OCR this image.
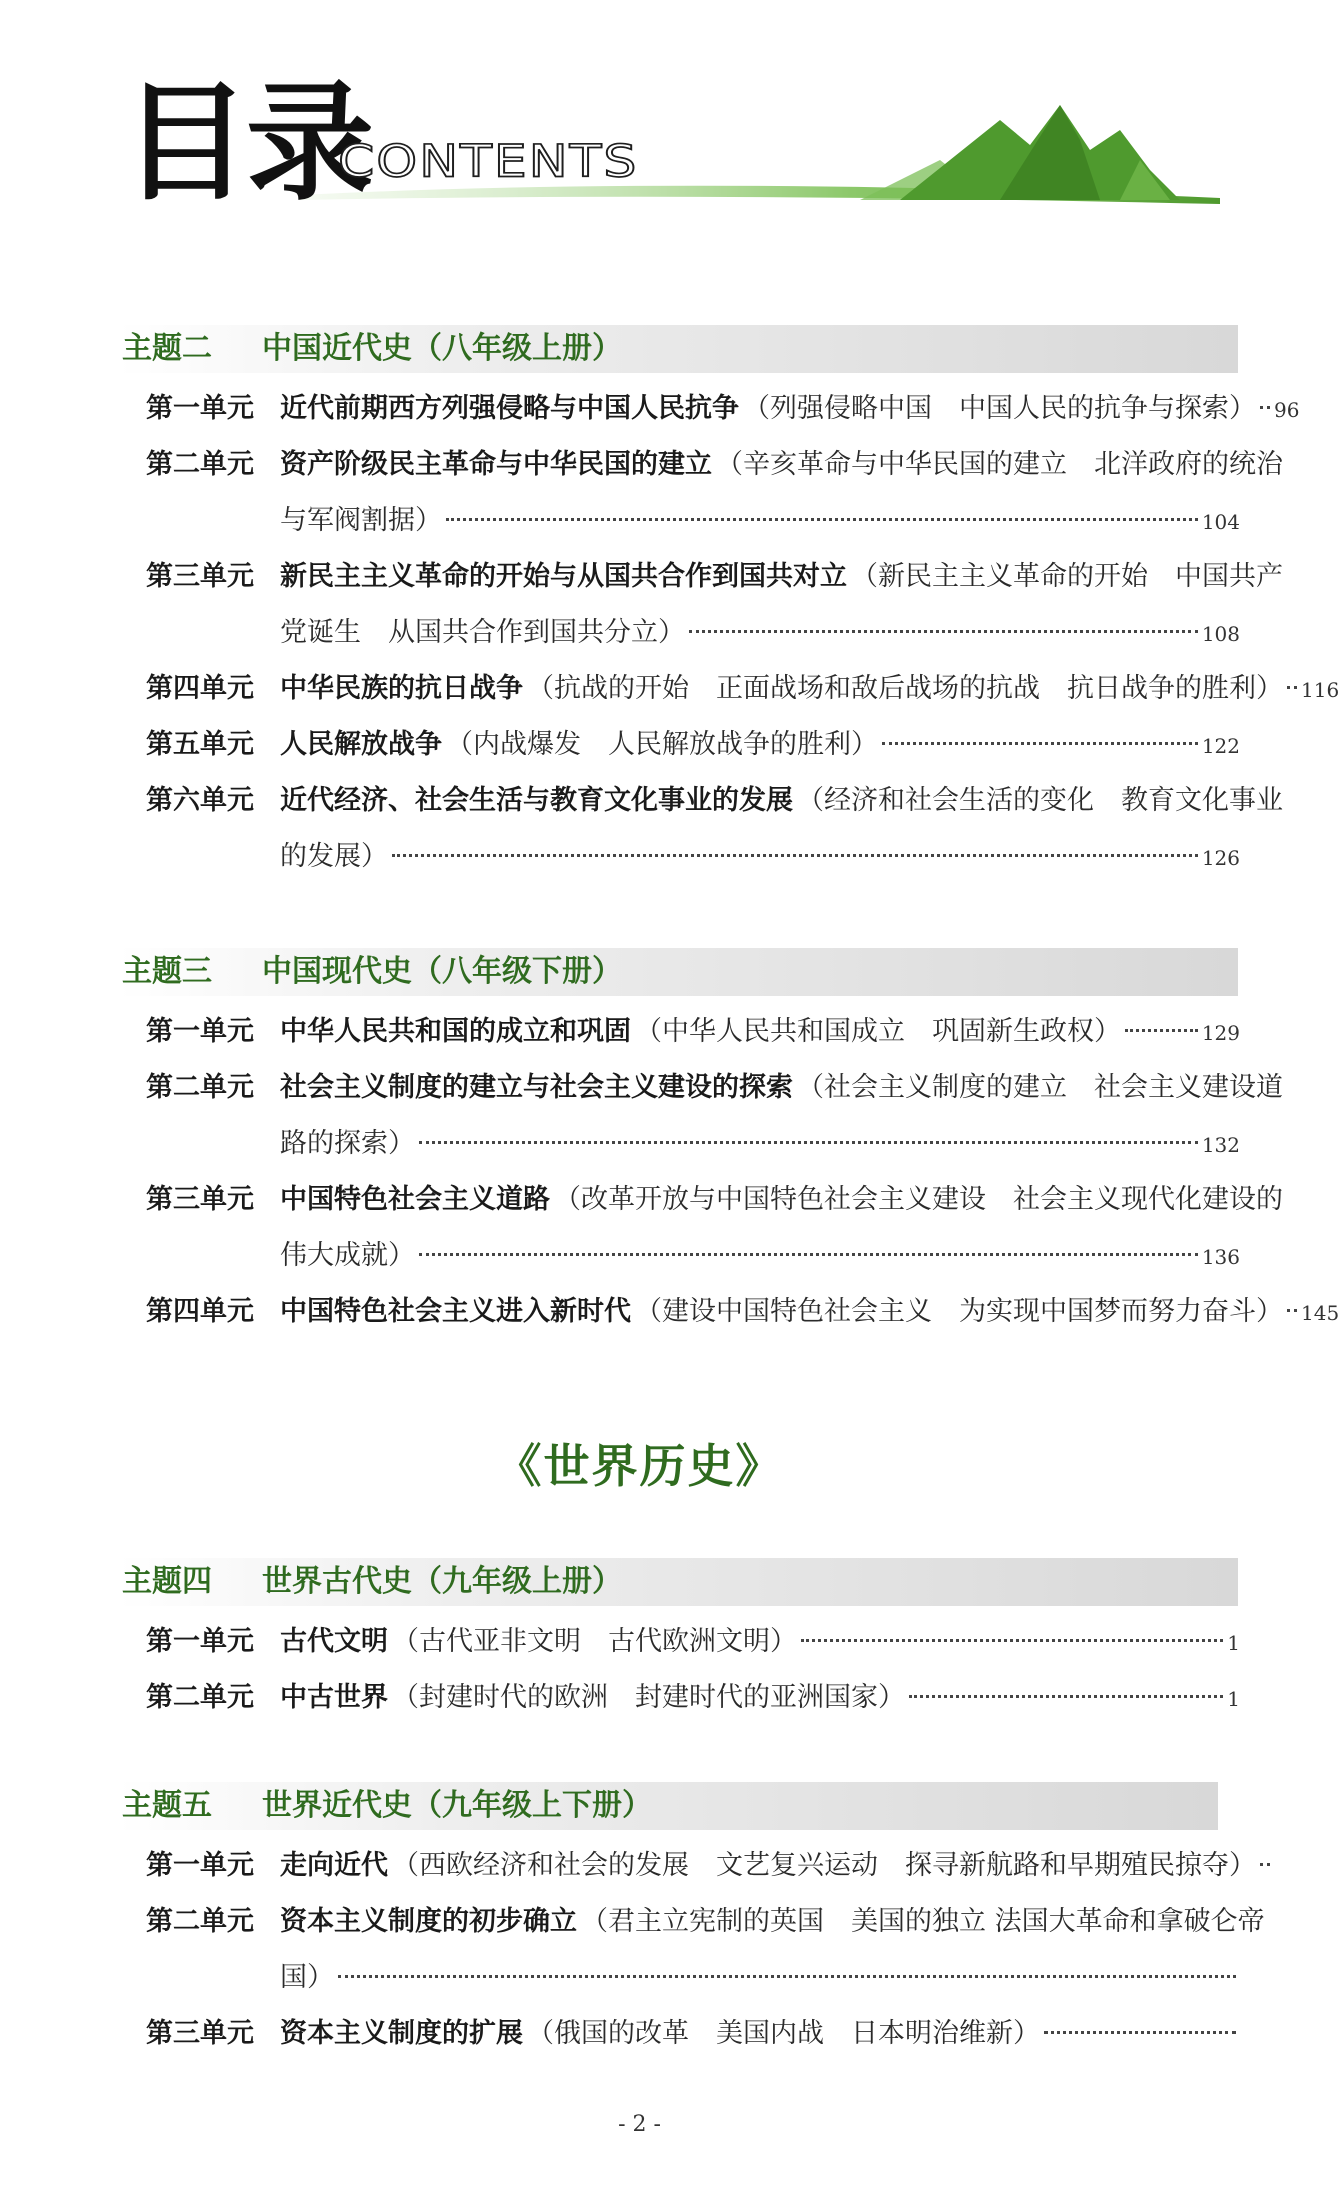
目录
CONTENTS
主题二 中国近代史（八年级上册）
第一单元 近代前期西方列强侵略与中国人民抗争 （列强侵略中国　中国人民的抗争与探索） 96
第二单元 资产阶级民主革命与中华民国的建立 （辛亥革命与中华民国的建立　北洋政府的统治
与军阀割据）	104
第三单元 新民主主义革命的开始与从国共合作到国共对立 （新民主主义革命的开始　中国共产
党诞生　从国共合作到国共分立）	108
第四单元 中华民族的抗日战争 （抗战的开始　正面战场和敌后战场的抗战　抗日战争的胜利） 116
第五单元 人民解放战争 （内战爆发　人民解放战争的胜利）	122
第六单元 近代经济、社会生活与教育文化事业的发展 （经济和社会生活的变化　教育文化事业
的发展）	126
主题三 中国现代史（八年级下册）
第一单元 中华人民共和国的成立和巩固 （中华人民共和国成立　巩固新生政权）	129
第二单元 社会主义制度的建立与社会主义建设的探索 （社会主义制度的建立　社会主义建设道
路的探索）	132
第三单元 中国特色社会主义道路 （改革开放与中国特色社会主义建设　社会主义现代化建设的
伟大成就）	136
第四单元 中国特色社会主义进入新时代 （建设中国特色社会主义　为实现中国梦而努力奋斗） 145
《世界历史》
主题四 世界古代史（九年级上册）
第一单元 古代文明 （古代亚非文明　古代欧洲文明）	1
第二单元 中古世界 （封建时代的欧洲　封建时代的亚洲国家）	1
主题五 世界近代史（九年级上下册）
第一单元 走向近代 （西欧经济和社会的发展　文艺复兴运动　探寻新航路和早期殖民掠夺）
第二单元 资本主义制度的初步确立 （君主立宪制的英国　美国的独立 法国大革命和拿破仑帝
国）
第三单元 资本主义制度的扩展 （俄国的改革　美国内战　日本明治维新）
- 2 -
